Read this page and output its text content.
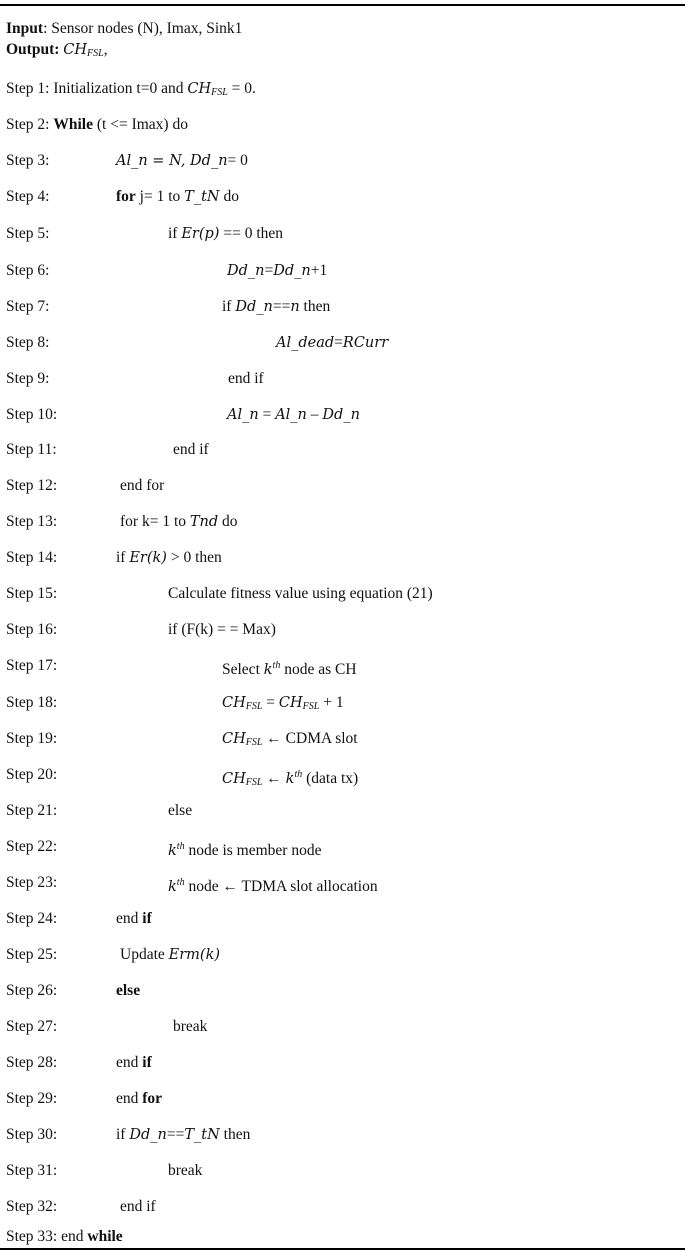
Input: Sensor nodes (N), Imax, Sink1
Output: $CH_{FSL}$,
Step 1: Initialization t=0 and $CH_{FSL} = 0$.
Step 2: While (t <= Imax) do
Step 3:	Al_n = N, Dd_n= 0
Step 4:	for j= 1 to T_tN do
Step 5:	if Er(p) == 0 then
Step 6:	Dd_n=Dd_n+1
Step 7:	if Dd_n==n then
Step 8:	Al_dead=RCurr
Step 9:	end if
Step 10:	Al_n = Al_n – Dd_n
Step 11:	end if
Step 12:	end for
Step 13:	for k= 1 to Tnd do
Step 14:	if Er(k) > 0 then
Step 15:	Calculate fitness value using equation (21)
Step 16:	if (F(k) = = Max)
Step 17:	Select $k^{th}$ node as CH
Step 18:	$CH_{FSL} = CH_{FSL} + 1$
Step 19:	$CH_{FSL}$ ← CDMA slot
Step 20:	$CH_{FSL}$ ← $k^{th}$ (data tx)
Step 21:	else
Step 22:	$k^{th}$ node is member node
Step 23:	$k^{th}$ node ← TDMA slot allocation
Step 24:	end if
Step 25:	Update Erm(k)
Step 26:	else
Step 27:	break
Step 28:	end if
Step 29:	end for
Step 30:	if Dd_n==T_tN then
Step 31:	break
Step 32:	end if
Step 33: end while
